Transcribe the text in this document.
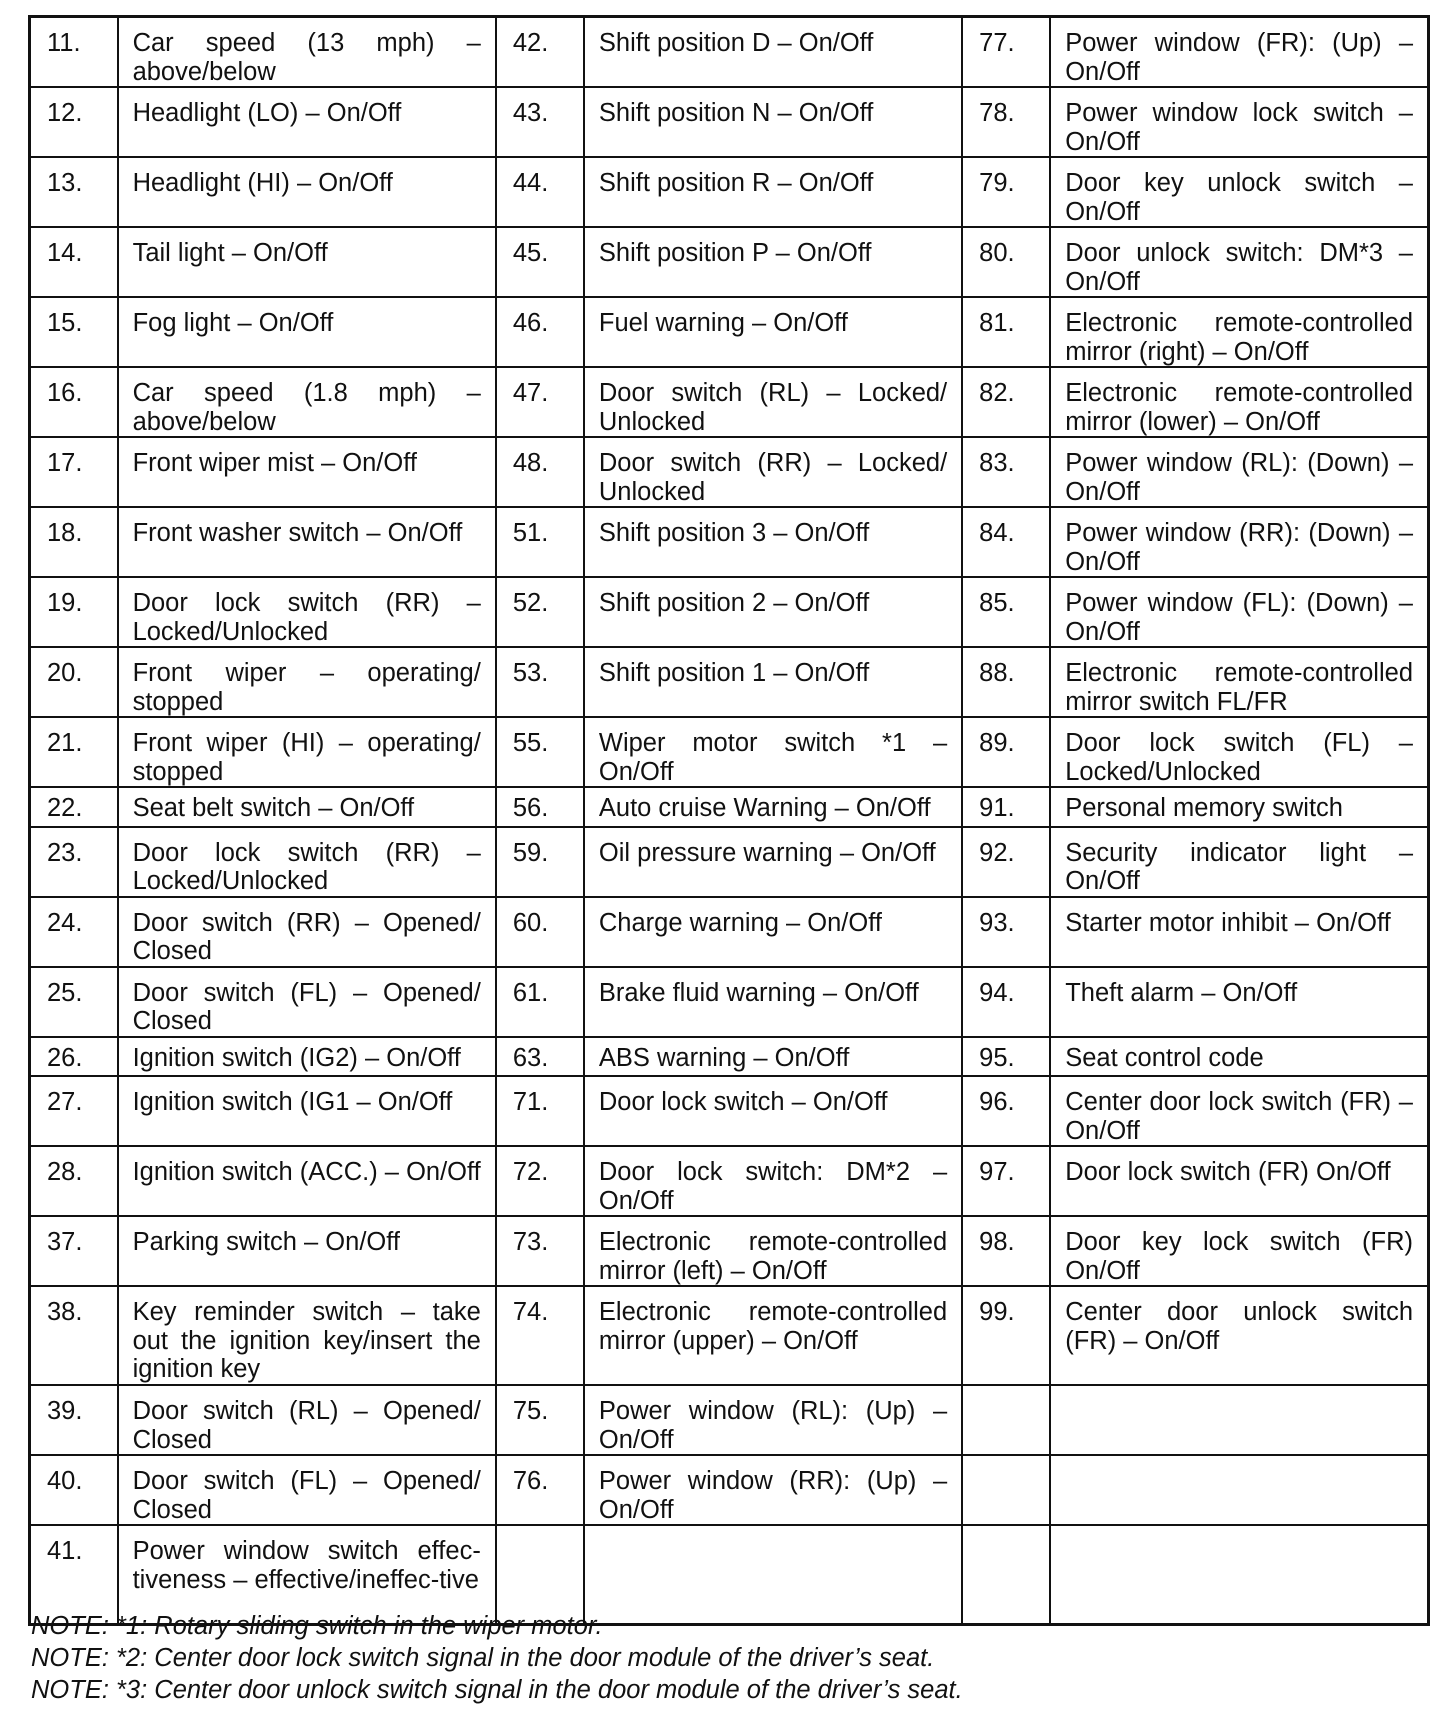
11.	Car speed (13 mph) – above/below	42.	Shift position D – On/Off	77.	Power window (FR): (Up) – On/Off
12.	Headlight (LO) – On/Off	43.	Shift position N – On/Off	78.	Power window lock switch – On/Off
13.	Headlight (HI) – On/Off	44.	Shift position R – On/Off	79.	Door key unlock switch – On/Off
14.	Tail light – On/Off	45.	Shift position P – On/Off	80.	Door unlock switch: DM*3 – On/Off
15.	Fog light – On/Off	46.	Fuel warning – On/Off	81.	Electronic remote-controlled mirror (right) – On/Off
16.	Car speed (1.8 mph) – above/below	47.	Door switch (RL) – Locked/ Unlocked	82.	Electronic remote-controlled mirror (lower) – On/Off
17.	Front wiper mist – On/Off	48.	Door switch (RR) – Locked/ Unlocked	83.	Power window (RL): (Down) – On/Off
18.	Front washer switch – On/Off	51.	Shift position 3 – On/Off	84.	Power window (RR): (Down) – On/Off
19.	Door lock switch (RR) – Locked/Unlocked	52.	Shift position 2 – On/Off	85.	Power window (FL): (Down) – On/Off
20.	Front wiper – operating/ stopped	53.	Shift position 1 – On/Off	88.	Electronic remote-controlled mirror switch FL/FR
21.	Front wiper (HI) – operating/ stopped	55.	Wiper motor switch *1 – On/Off	89.	Door lock switch (FL) – Locked/Unlocked
22.	Seat belt switch – On/Off	56.	Auto cruise Warning – On/Off	91.	Personal memory switch
23.	Door lock switch (RR) – Locked/Unlocked	59.	Oil pressure warning – On/Off	92.	Security indicator light – On/Off
24.	Door switch (RR) – Opened/ Closed	60.	Charge warning – On/Off	93.	Starter motor inhibit – On/Off
25.	Door switch (FL) – Opened/ Closed	61.	Brake fluid warning – On/Off	94.	Theft alarm – On/Off
26.	Ignition switch (IG2) – On/Off	63.	ABS warning – On/Off	95.	Seat control code
27.	Ignition switch (IG1 – On/Off	71.	Door lock switch – On/Off	96.	Center door lock switch (FR) – On/Off
28.	Ignition switch (ACC.) – On/Off	72.	Door lock switch: DM*2 – On/Off	97.	Door lock switch (FR) On/Off
37.	Parking switch – On/Off	73.	Electronic remote-controlled mirror (left) – On/Off	98.	Door key lock switch (FR) On/Off
38.	Key reminder switch – take out the ignition key/insert the ignition key	74.	Electronic remote-controlled mirror (upper) – On/Off	99.	Center door unlock switch (FR) – On/Off
39.	Door switch (RL) – Opened/ Closed	75.	Power window (RL): (Up) – On/Off		
40.	Door switch (FL) – Opened/ Closed	76.	Power window (RR): (Up) – On/Off		
41.	Power window switch effec-tiveness – effective/ineffec-tive				
NOTE: *1: Rotary sliding switch in the wiper motor.
NOTE: *2: Center door lock switch signal in the door module of the driver’s seat.
NOTE: *3: Center door unlock switch signal in the door module of the driver’s seat.
